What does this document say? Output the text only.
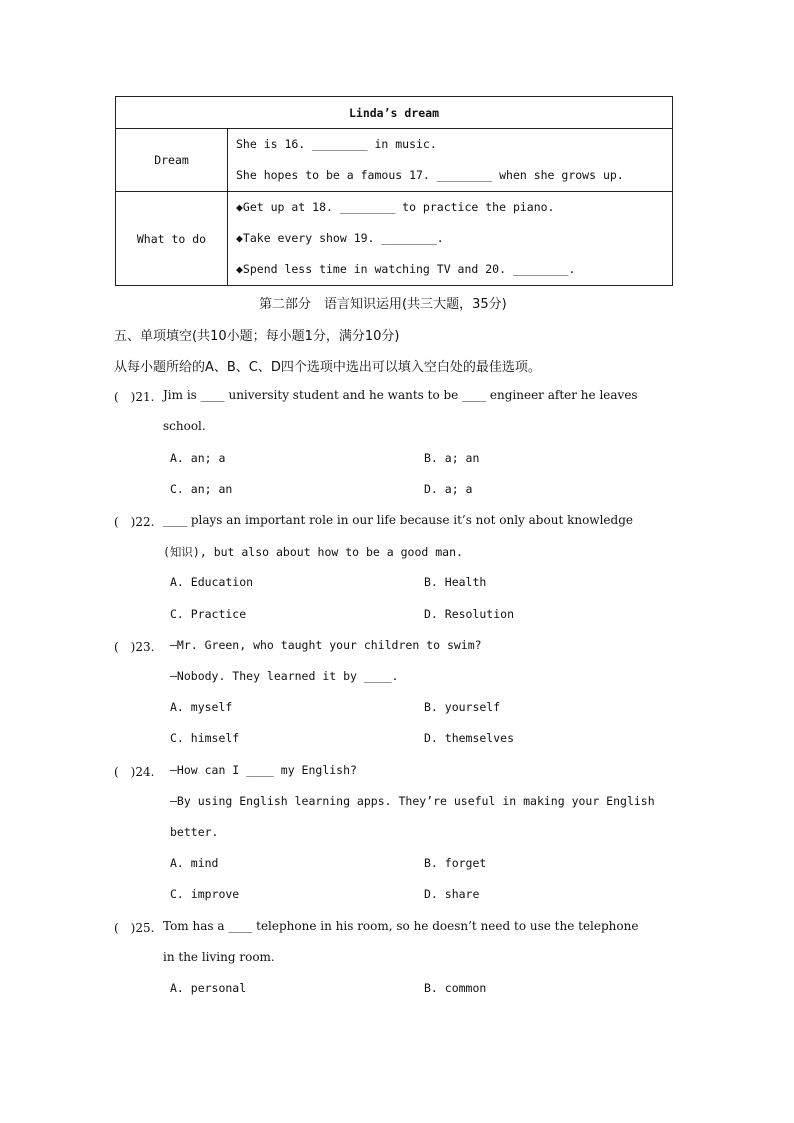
Linda’s dream	
Dream	She is 16. ________ in music.
She hopes to be a famous 17. ________ when she grows up.

What to do	◆Get up at 18. ________ to practice the piano.
◆Take every show 19. ________.
◆Spend less time in watching TV and 20. ________.
第二部分　语言知识运用(共三大题，35分)
五、单项填空(共10小题；每小题1分，满分10分)
从每小题所给的A、B、C、D四个选项中选出可以填入空白处的最佳选项。
(　)21. Jim is ____ university student and he wants to be ____ engineer after he leaves
school.
A. an; a	B. a; an
C. an; an	D. a; a
(　)22. ____ plays an important role in our life because it’s not only about knowledge
(知识), but also about how to be a good man.
A. Education	B. Health
C. Practice	D. Resolution
(　)23. —Mr. Green, who taught your children to swim?
—Nobody. They learned it by ____.
A. myself	B. yourself
C. himself	D. themselves
(　)24. —How can I ____ my English?
—By using English learning apps. They’re useful in making your English
better.
A. mind	B. forget
C. improve	D. share
(　)25. Tom has a ____ telephone in his room, so he doesn’t need to use the telephone
in the living room.
A. personal	B. common
